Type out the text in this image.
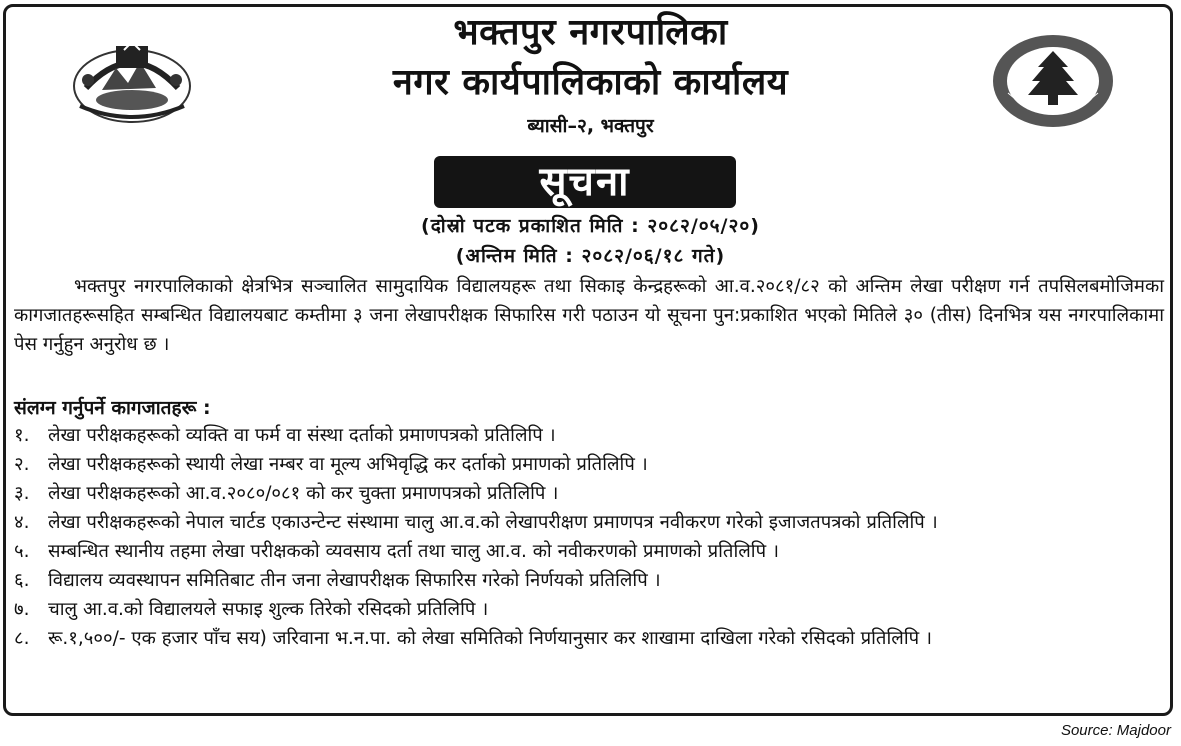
भक्तपुर नगरपालिका
नगर कार्यपालिकाको कार्यालय
ब्यासी–२, भक्तपुर
सूचना
(दोस्रो पटक प्रकाशित मिति : २०८२/०५/२०)
(अन्तिम मिति : २०८२/०६/१८ गते)
भक्तपुर नगरपालिकाको क्षेत्रभित्र सञ्चालित सामुदायिक विद्यालयहरू तथा सिकाइ केन्द्रहरूको आ.व.२०८१/८२ को अन्तिम लेखा परीक्षण गर्न तपसिलबमोजिमका कागजातहरूसहित सम्बन्धित विद्यालयबाट कम्तीमा ३ जना लेखापरीक्षक सिफारिस गरी पठाउन यो सूचना पुन:प्रकाशित भएको मितिले ३० (तीस) दिनभित्र यस नगरपालिकामा पेस गर्नुहुन अनुरोध छ ।
संलग्न गर्नुपर्ने कागजातहरू :
१. लेखा परीक्षकहरूको व्यक्ति वा फर्म वा संस्था दर्ताको प्रमाणपत्रको प्रतिलिपि ।
२. लेखा परीक्षकहरूको स्थायी लेखा नम्बर वा मूल्य अभिवृद्धि कर दर्ताको प्रमाणको प्रतिलिपि ।
३. लेखा परीक्षकहरूको आ.व.२०८०/०८१ को कर चुक्ता प्रमाणपत्रको प्रतिलिपि ।
४. लेखा परीक्षकहरूको नेपाल चार्टड एकाउन्टेन्ट संस्थामा चालु आ.व.को लेखापरीक्षण प्रमाणपत्र नवीकरण गरेको इजाजतपत्रको प्रतिलिपि ।
५. सम्बन्धित स्थानीय तहमा लेखा परीक्षकको व्यवसाय दर्ता तथा चालु आ.व. को नवीकरणको प्रमाणको प्रतिलिपि ।
६. विद्यालय व्यवस्थापन समितिबाट तीन जना लेखापरीक्षक सिफारिस गरेको निर्णयको प्रतिलिपि ।
७. चालु आ.व.को विद्यालयले सफाइ शुल्क तिरेको रसिदको प्रतिलिपि ।
८. रू.१,५००/- एक हजार पाँच सय) जरिवाना भ.न.पा. को लेखा समितिको निर्णयानुसार कर शाखामा दाखिला गरेको रसिदको प्रतिलिपि ।
Source: Majdoor
